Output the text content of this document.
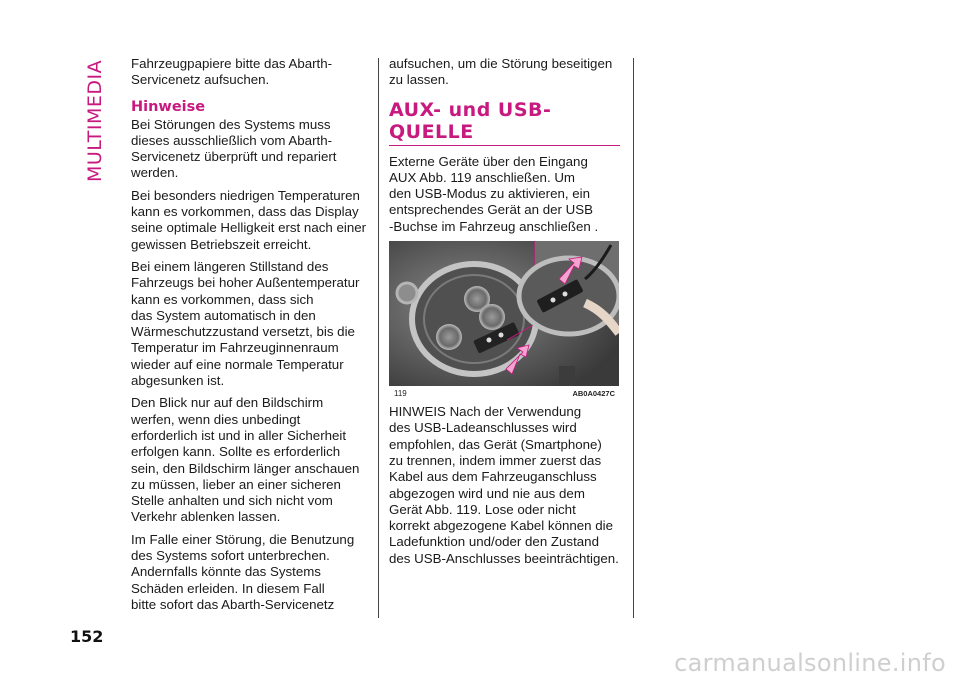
MULTIMEDIA
152

Fahrzeugpapiere bitte das Abarth-
Servicenetz aufsuchen.

Hinweise

Bei Störungen des Systems muss
dieses ausschließlich vom Abarth-
Servicenetz überprüft und repariert
werden.

Bei besonders niedrigen Temperaturen
kann es vorkommen, dass das Display
seine optimale Helligkeit erst nach einer
gewissen Betriebszeit erreicht.

Bei einem längeren Stillstand des
Fahrzeugs bei hoher Außentemperatur
kann es vorkommen, dass sich
das System automatisch in den
Wärmeschutzzustand versetzt, bis die
Temperatur im Fahrzeuginnenraum
wieder auf eine normale Temperatur
abgesunken ist.

Den Blick nur auf den Bildschirm
werfen, wenn dies unbedingt
erforderlich ist und in aller Sicherheit
erfolgen kann. Sollte es erforderlich
sein, den Bildschirm länger anschauen
zu müssen, lieber an einer sicheren
Stelle anhalten und sich nicht vom
Verkehr ablenken lassen.

Im Falle einer Störung, die Benutzung
des Systems sofort unterbrechen.
Andernfalls könnte das Systems
Schäden erleiden. In diesem Fall
bitte sofort das Abarth-Servicenetz

aufsuchen, um die Störung beseitigen
zu lassen.

AUX- und USB-
QUELLE

Externe Geräte über den Eingang
AUX Abb. 119 anschließen. Um
den USB-Modus zu aktivieren, ein
entsprechendes Gerät an der USB
-Buchse im Fahrzeug anschließen .

119	AB0A0427C

HINWEIS Nach der Verwendung
des USB-Ladeanschlusses wird
empfohlen, das Gerät (Smartphone)
zu trennen, indem immer zuerst das
Kabel aus dem Fahrzeuganschluss
abgezogen wird und nie aus dem
Gerät Abb. 119. Lose oder nicht
korrekt abgezogene Kabel können die
Ladefunktion und/oder den Zustand
des USB-Anschlusses beeinträchtigen.

carmanualsonline.info
